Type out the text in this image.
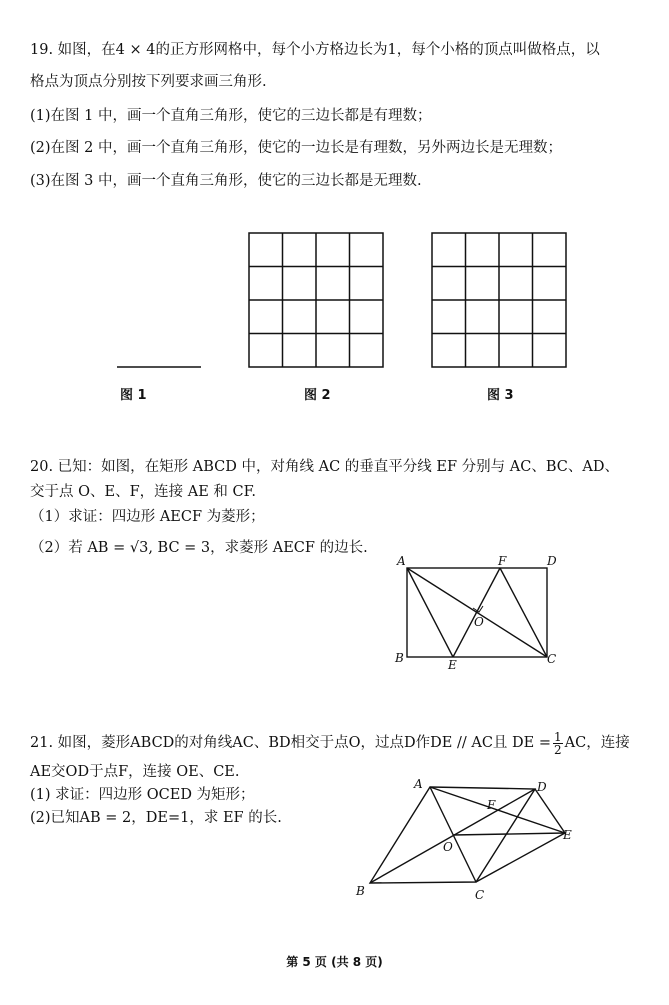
19. 如图，在4 × 4的正方形网格中，每个小方格边长为1，每个小格的顶点叫做格点，以
格点为顶点分别按下列要求画三角形.
(1)在图 1 中，画一个直角三角形，使它的三边长都是有理数；
(2)在图 2 中，画一个直角三角形，使它的一边长是有理数，另外两边长是无理数；
(3)在图 3 中，画一个直角三角形，使它的三边长都是无理数.
图 1	图 2	图 3
20. 已知：如图，在矩形 ABCD 中，对角线 AC 的垂直平分线 EF 分别与 AC、BC、AD、
交于点 O、E、F，连接 AE 和 CF.
（1）求证：四边形 AECF 为菱形；
（2）若 AB = √3, BC = 3，求菱形 AECF 的边长.
A	F	D
B	E	C
O
21. 如图，菱形ABCD的对角线AC、BD相交于点O，过点D作DE // AC且 DE = $\frac{1}{2}$ AC，连接
AE交OD于点F，连接 OE、CE.
(1) 求证：四边形 OCED 为矩形；
(2)已知AB = 2，DE=1，求 EF 的长.
A	D
F
E
O
B	C
第 5 页 (共 8 页)
